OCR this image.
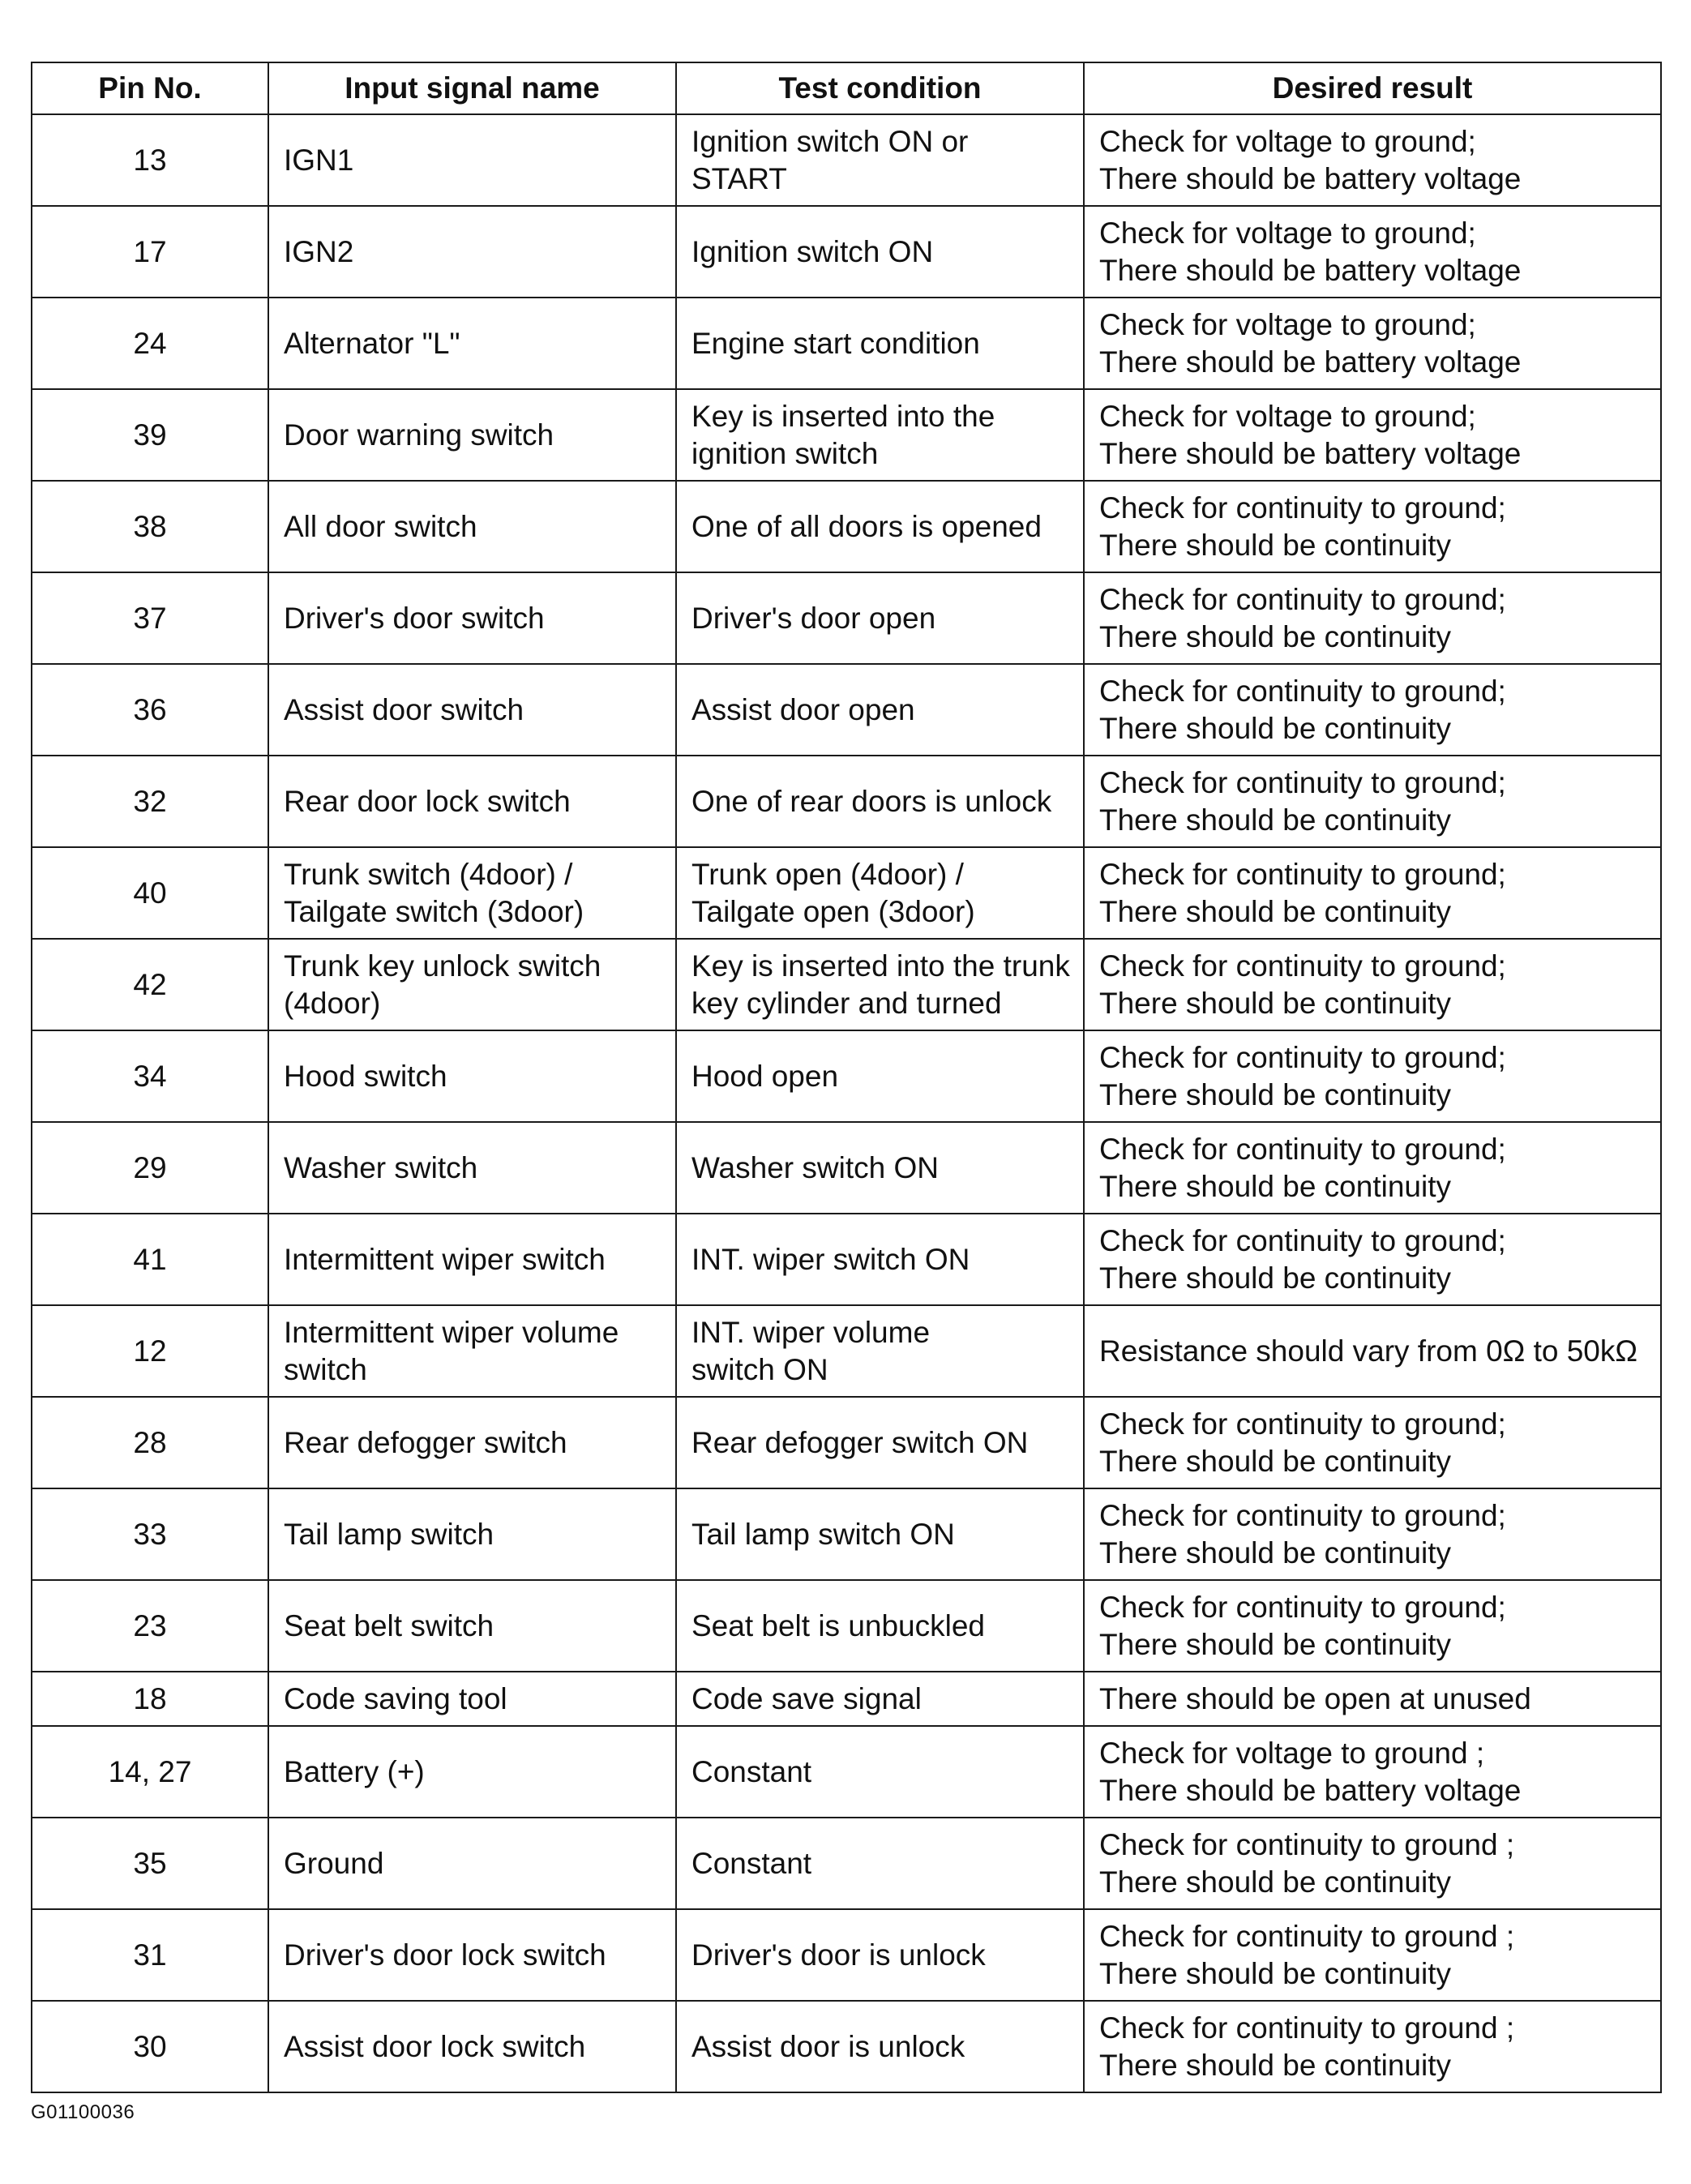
Pin No.	Input signal name	Test condition	Desired result
13	IGN1	Ignition switch ON or
START	Check for voltage to ground;
There should be battery voltage

17	IGN2	Ignition switch ON	Check for voltage to ground;
There should be battery voltage

24	Alternator "L"	Engine start condition	Check for voltage to ground;
There should be battery voltage

39	Door warning switch	Key is inserted into the
ignition switch	Check for voltage to ground;
There should be battery voltage

38	All door switch	One of all doors is opened	Check for continuity to ground;
There should be continuity

37	Driver's door switch	Driver's door open	Check for continuity to ground;
There should be continuity

36	Assist door switch	Assist door open	Check for continuity to ground;
There should be continuity

32	Rear door lock switch	One of rear doors is unlock	Check for continuity to ground;
There should be continuity

40	Trunk switch (4door) /
Tailgate switch (3door)	Trunk open (4door) /
Tailgate open (3door)	Check for continuity to ground;
There should be continuity

42	Trunk key unlock switch
(4door)	Key is inserted into the trunk
key cylinder and turned	Check for continuity to ground;
There should be continuity

34	Hood switch	Hood open	Check for continuity to ground;
There should be continuity

29	Washer switch	Washer switch ON	Check for continuity to ground;
There should be continuity

41	Intermittent wiper switch	INT. wiper switch ON	Check for continuity to ground;
There should be continuity

12	Intermittent wiper volume
switch	INT. wiper volume
switch ON	Resistance should vary from 0Ω to 50kΩ

28	Rear defogger switch	Rear defogger switch ON	Check for continuity to ground;
There should be continuity

33	Tail lamp switch	Tail lamp switch ON	Check for continuity to ground;
There should be continuity

23	Seat belt switch	Seat belt is unbuckled	Check for continuity to ground;
There should be continuity

18	Code saving tool	Code save signal	There should be open at unused

14, 27	Battery (+)	Constant	Check for voltage to ground ;
There should be battery voltage

35	Ground	Constant	Check for continuity to ground ;
There should be continuity

31	Driver's door lock switch	Driver's door is unlock	Check for continuity to ground ;
There should be continuity

30	Assist door lock switch	Assist door is unlock	Check for continuity to ground ;
There should be continuity
G01100036
